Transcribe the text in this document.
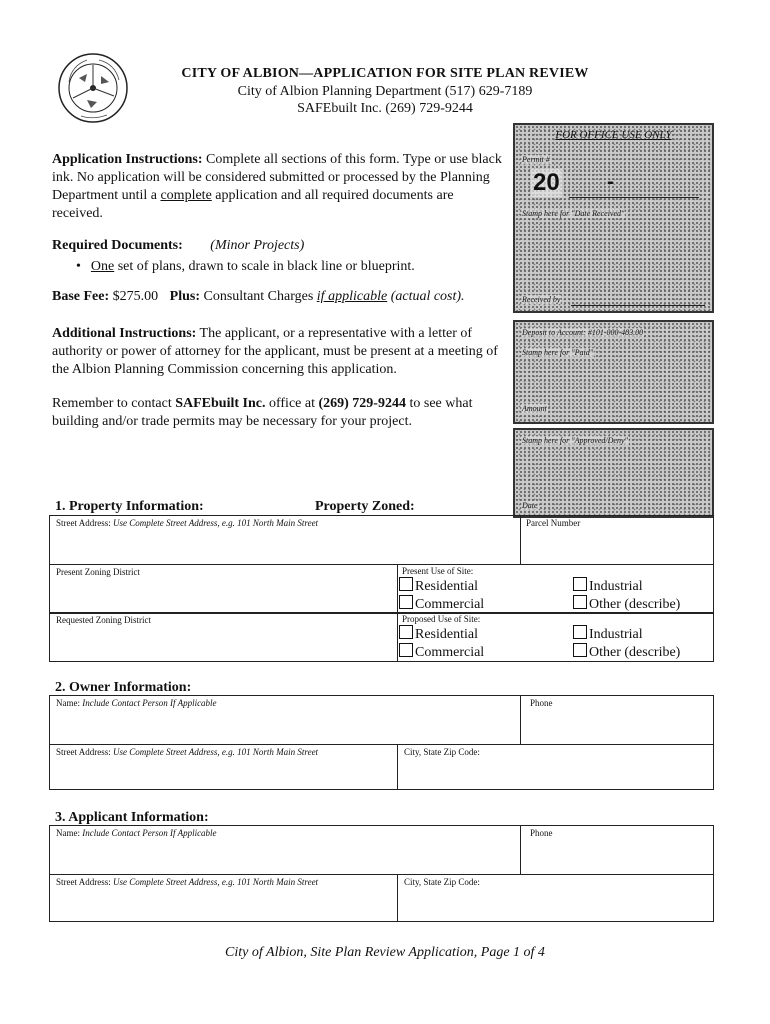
CITY OF ALBION—APPLICATION FOR SITE PLAN REVIEW
City of Albion Planning Department (517) 629-7189
SAFEbuilt Inc. (269) 729-9244
Application Instructions: Complete all sections of this form. Type or use black ink. No application will be considered submitted or processed by the Planning Department until a complete application and all required documents are received.
Required Documents: (Minor Projects)
• One set of plans, drawn to scale in black line or blueprint.
Base Fee: $275.00 Plus: Consultant Charges if applicable (actual cost).
Additional Instructions: The applicant, or a representative with a letter of authority or power of attorney for the applicant, must be present at a meeting of the Albion Planning Commission concerning this application.
Remember to contact SAFEbuilt Inc. office at (269) 729-9244 to see what building and/or trade permits may be necessary for your project.
FOR OFFICE USE ONLY
Permit #
20 -
Stamp here for "Date Received"
Received by
Deposit to Account: #101-000-483.00
Stamp here for "Paid"
Amount
Stamp here for "Approved/Deny"
Date
1. Property Information:	Property Zoned:
Street Address: Use Complete Street Address, e.g. 101 North Main Street	Parcel Number
Present Zoning District	Present Use of Site:
Residential
Commercial
Industrial
Other (describe)
Requested Zoning District	Proposed Use of Site:
Residential
Commercial
Industrial
Other (describe)
2. Owner Information:
Name: Include Contact Person If Applicable	Phone
Street Address: Use Complete Street Address, e.g. 101 North Main Street	City, State Zip Code:
3. Applicant Information:
Name: Include Contact Person If Applicable	Phone
Street Address: Use Complete Street Address, e.g. 101 North Main Street	City, State Zip Code:
City of Albion, Site Plan Review Application, Page 1 of 4
